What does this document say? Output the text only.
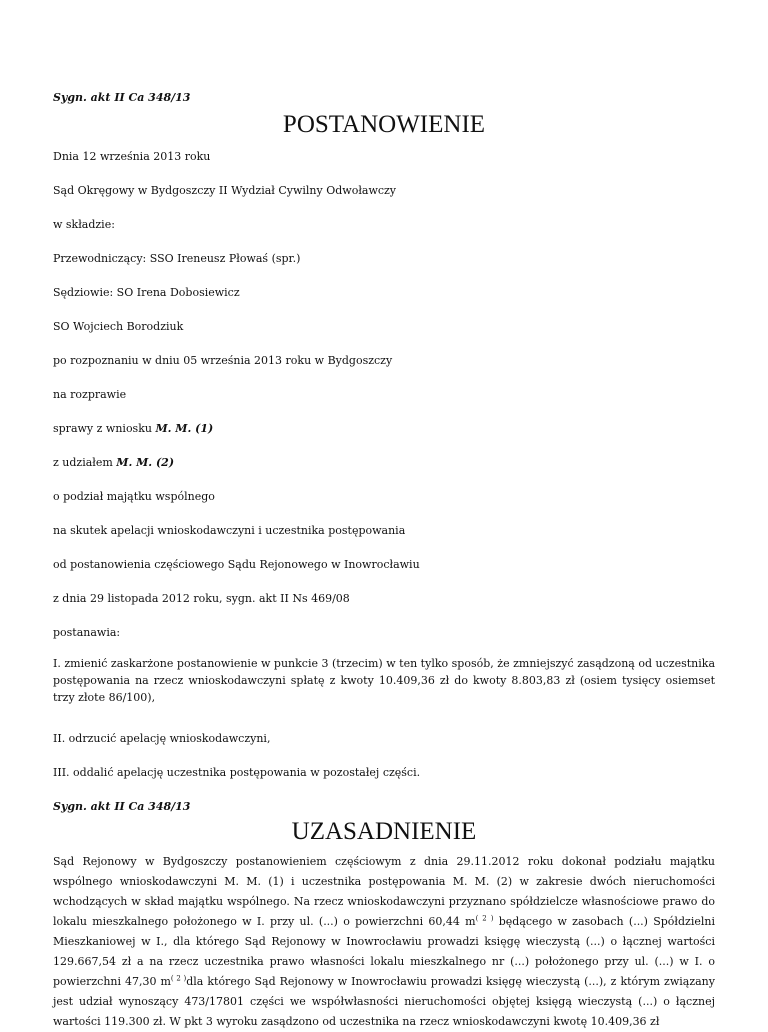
Sygn. akt II Ca 348/13
POSTANOWIENIE
Dnia 12 września 2013 roku
Sąd Okręgowy w Bydgoszczy II Wydział Cywilny Odwoławczy
w składzie:
Przewodniczący: SSO Ireneusz Płowaś (spr.)
Sędziowie: SO Irena Dobosiewicz
SO Wojciech Borodziuk
po rozpoznaniu w dniu 05 września 2013 roku w Bydgoszczy
na rozprawie
sprawy z wniosku M. M. (1)
z udziałem M. M. (2)
o podział majątku wspólnego
na skutek apelacji wnioskodawczyni i uczestnika postępowania
od postanowienia częściowego Sądu Rejonowego w Inowrocławiu
z dnia 29 listopada 2012 roku, sygn. akt II Ns 469/08
postanawia:
I. zmienić zaskarżone postanowienie w punkcie 3 (trzecim) w ten tylko sposób, że zmniejszyć zasądzoną od uczestnika postępowania na rzecz wnioskodawczyni spłatę z kwoty 10.409,36 zł do kwoty 8.803,83 zł (osiem tysięcy osiemset trzy złote 86/100),
II. odrzucić apelację wnioskodawczyni,
III. oddalić apelację uczestnika postępowania w pozostałej części.
Sygn. akt II Ca 348/13
UZASADNIENIE
Sąd Rejonowy w Bydgoszczy postanowieniem częściowym z dnia 29.11.2012 roku dokonał podziału majątku wspólnego wnioskodawczyni M. M. (1) i uczestnika postępowania M. M. (2) w zakresie dwóch nieruchomości wchodzących w skład majątku wspólnego. Na rzecz wnioskodawczyni przyznano spółdzielcze własnościowe prawo do lokalu mieszkalnego położonego w I. przy ul. (...) o powierzchni 60,44 $m^{( 2 )}$ będącego w zasobach (...) Spółdzielni Mieszkaniowej w I., dla którego Sąd Rejonowy w Inowrocławiu prowadzi księgę wieczystą (...) o łącznej wartości 129.667,54 zł a na rzecz uczestnika prawo własności lokalu mieszkalnego nr (...) położonego przy ul. (...) w I. o powierzchni 47,30 $m^{( 2 )}dla$ którego Sąd Rejonowy w Inowrocławiu prowadzi księgę wieczystą (...), z którym związany jest udział wynoszący 473/17801 części we współwłasności nieruchomości objętej księgą wieczystą (...) o łącznej wartości 119.300 zł. W pkt 3 wyroku zasądzono od uczestnika na rzecz wnioskodawczyni kwotę 10.409,36 zł
